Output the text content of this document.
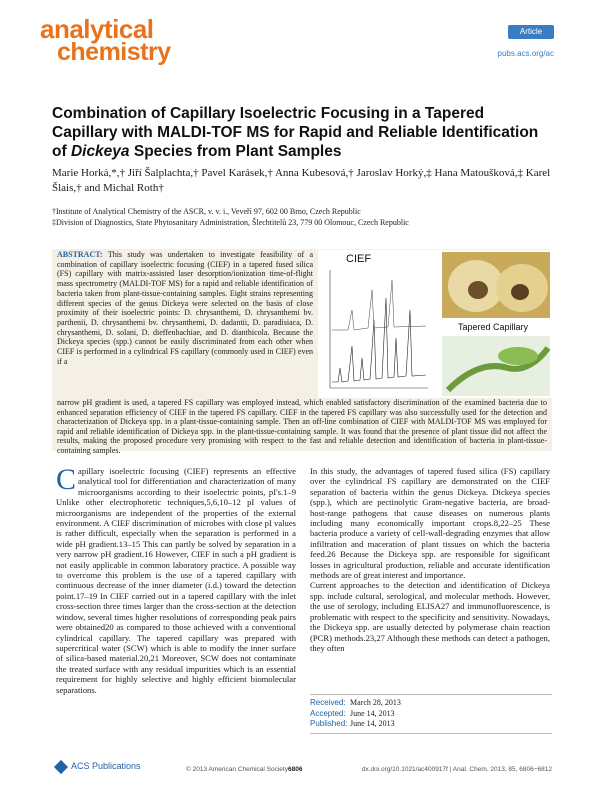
analytical
chemistry
Article
pubs.acs.org/ac
Combination of Capillary Isoelectric Focusing in a Tapered Capillary with MALDI-TOF MS for Rapid and Reliable Identification of Dickeya Species from Plant Samples
Marie Horká,*,† Jiří Šalplachta,† Pavel Karásek,† Anna Kubesová,† Jaroslav Horký,‡ Hana Matoušková,‡ Karel Šlais,† and Michal Roth†
†Institute of Analytical Chemistry of the ASCR, v. v. i., Veveří 97, 602 00 Brno, Czech Republic
‡Division of Diagnostics, State Phytosanitary Administration, Šlechtitelů 23, 779 00 Olomouc, Czech Republic
ABSTRACT: This study was undertaken to investigate feasibility of a combination of capillary isoelectric focusing (CIEF) in a tapered fused silica (FS) capillary with matrix-assisted laser desorption/ionization time-of-flight mass spectrometry (MALDI-TOF MS) for a rapid and reliable identification of bacteria taken from plant-tissue-containing samples. Eight strains representing different species of the genus Dickeya were selected on the basis of close proximity of their isoelectric points: D. chrysanthemi, D. chrysanthemi bv. parthenii, D. chrysanthemi bv. chrysanthemi, D. dadantii, D. paradisiaca, D. chrysanthemi, D. solani, D. dieffenbachiae, and D. dianthicola. Because the Dickeya species (spp.) cannot be easily discriminated from each other when CIEF is performed in a cylindrical FS capillary (commonly used in CIEF) even if a
narrow pH gradient is used, a tapered FS capillary was employed instead, which enabled satisfactory discrimination of the examined bacteria due to enhanced separation efficiency of CIEF in the tapered FS capillary. CIEF in the tapered FS capillary was also successfully used for the detection and characterization of Dickeya spp. in a plant-tissue-containing sample. Then an off-line combination of CIEF with MALDI-TOF MS was employed for rapid and reliable identification of Dickeya spp. in the plant-tissue-containing sample. It was found that the presence of plant tissue did not affect the results, making the proposed procedure very promising with respect to the fast and reliable detection and identification of bacteria in plant-tissue-containing samples.
CIEF
Tapered Capillary
Capillary isoelectric focusing (CIEF) represents an effective analytical tool for differentiation and characterization of many microorganisms according to their isoelectric points, pI's.1–9 Unlike other electrophoretic techniques,5,6,10–12 pI values of microorganisms are independent of the properties of the external environment. A CIEF discrimination of microbes with close pI values is rather difficult, especially when the separation is performed in a wide pH gradient.13–15 This can partly be solved by separation in a very narrow pH gradient.16 However, CIEF in such a pH gradient is not easily applicable in common laboratory practice. A possible way to overcome this problem is the use of a tapered capillary with continuous decrease of the inner diameter (i.d.) toward the detection point.17–19 In CIEF carried out in a tapered capillary with the inlet cross-section three times larger than the cross-section at the detection window, several times higher resolutions of corresponding peak pairs were obtained20 as compared to those achieved with a conventional cylindrical capillary. The tapered capillary was prepared with supercritical water (SCW) which is able to modify the inner surface of silica-based material.20,21 Moreover, SCW does not contaminate the treated surface with any residual impurities which is an essential requirement for highly selective and highly efficient biomolecular separations.
In this study, the advantages of tapered fused silica (FS) capillary over the cylindrical FS capillary are demonstrated on the CIEF separation of bacteria within the genus Dickeya. Dickeya species (spp.), which are pectinolytic Gram-negative bacteria, are broad-host-range pathogens that cause diseases on numerous plants including many economically important crops.8,22–25 These bacteria produce a variety of cell-wall-degrading enzymes that allow infiltration and maceration of plant tissues on which the bacteria feed.26 Because the Dickeya spp. are responsible for significant losses in agricultural production, reliable and accurate identification methods are of great interest and importance.
Current approaches to the detection and identification of Dickeya spp. include cultural, serological, and molecular methods. However, the use of serology, including ELISA27 and immunofluorescence, is problematic with respect to the specificity and sensitivity. Nowadays, the Dickeya spp. are usually detected by polymerase chain reaction (PCR) methods.23,27 Although these methods can detect a pathogen, they often
Received: March 28, 2013
Accepted: June 14, 2013
Published: June 14, 2013
ACS Publications	© 2013 American Chemical Society 6806	dx.doi.org/10.1021/ac400917f | Anal. Chem. 2013, 85, 6806−6812
